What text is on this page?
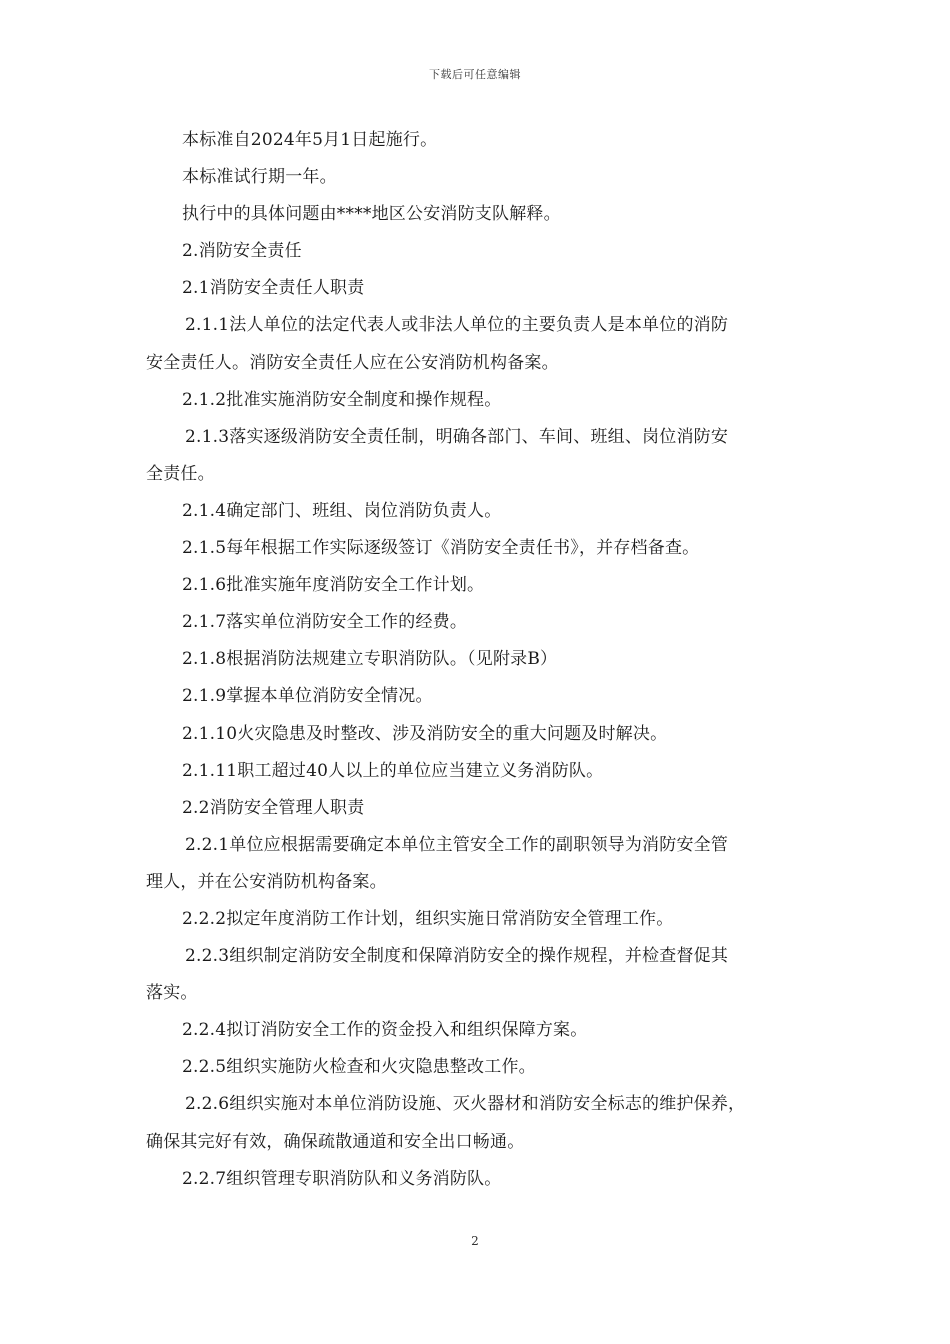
下载后可任意编辑
本标准自2024年5月1日起施行。
本标准试行期一年。
执行中的具体问题由****地区公安消防支队解释。
2.消防安全责任
2.1消防安全责任人职责
2.1.1法人单位的法定代表人或非法人单位的主要负责人是本单位的消防
安全责任人。消防安全责任人应在公安消防机构备案。
2.1.2批准实施消防安全制度和操作规程。
2.1.3落实逐级消防安全责任制，明确各部门、车间、班组、岗位消防安
全责任。
2.1.4确定部门、班组、岗位消防负责人。
2.1.5每年根据工作实际逐级签订《消防安全责任书》，并存档备查。
2.1.6批准实施年度消防安全工作计划。
2.1.7落实单位消防安全工作的经费。
2.1.8根据消防法规建立专职消防队。（见附录B）
2.1.9掌握本单位消防安全情况。
2.1.10火灾隐患及时整改、涉及消防安全的重大问题及时解决。
2.1.11职工超过40人以上的单位应当建立义务消防队。
2.2消防安全管理人职责
2.2.1单位应根据需要确定本单位主管安全工作的副职领导为消防安全管
理人，并在公安消防机构备案。
2.2.2拟定年度消防工作计划，组织实施日常消防安全管理工作。
2.2.3组织制定消防安全制度和保障消防安全的操作规程，并检查督促其
落实。
2.2.4拟订消防安全工作的资金投入和组织保障方案。
2.2.5组织实施防火检查和火灾隐患整改工作。
2.2.6组织实施对本单位消防设施、灭火器材和消防安全标志的维护保养，
确保其完好有效，确保疏散通道和安全出口畅通。
2.2.7组织管理专职消防队和义务消防队。
2
